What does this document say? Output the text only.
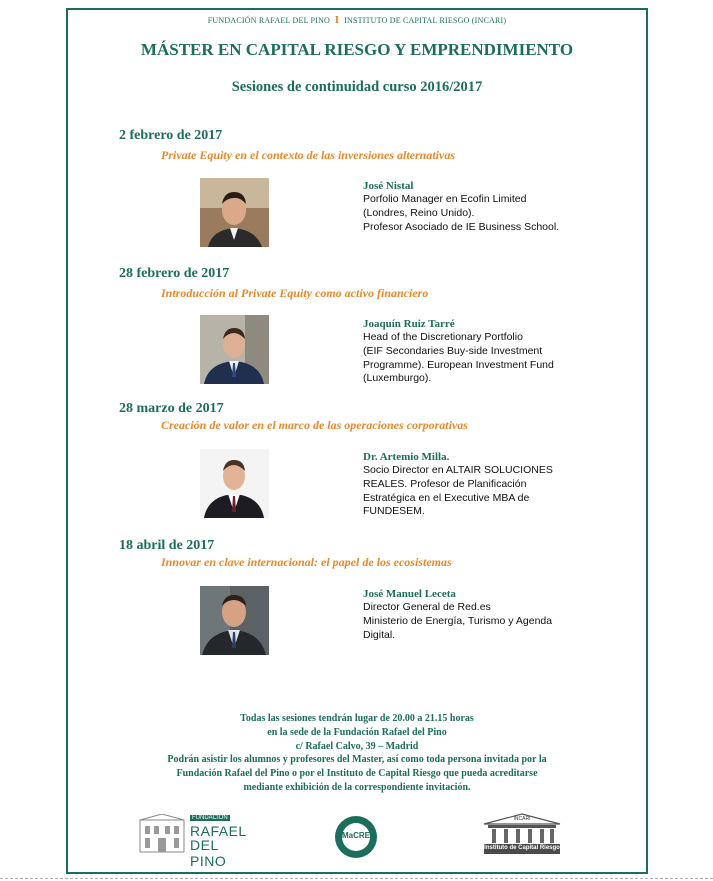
FUNDACIÓN RAFAEL DEL PINO I INSTITUTO DE CAPITAL RIESGO (INCARI)
MÁSTER EN CAPITAL RIESGO Y EMPRENDIMIENTO
Sesiones de continuidad curso 2016/2017
2 febrero de 2017
Private Equity en el contexto de las inversiones alternativas
José Nistal
Porfolio Manager en Ecofin Limited
(Londres, Reino Unido).
Profesor Asociado de IE Business School.
28 febrero de 2017
Introducción al Private Equity como activo financiero
Joaquín Ruiz Tarré
Head of the Discretionary Portfolio
(EIF Secondaries Buy-side Investment
Programme). European Investment Fund
(Luxemburgo).
28 marzo de 2017
Creación de valor en el marco de las operaciones corporativas
Dr. Artemio Milla.
Socio Director en ALTAIR SOLUCIONES
REALES. Profesor de Planificación
Estratégica en el Executive MBA de
FUNDESEM.
18 abril de 2017
Innovar en clave internacional: el papel de los ecosistemas
José Manuel Leceta
Director General de Red.es
Ministerio de Energía, Turismo y Agenda
Digital.
Todas las sesiones tendrán lugar de 20.00 a 21.15 horas
en la sede de la Fundación Rafael del Pino
c/ Rafael Calvo, 39 – Madrid
Podrán asistir los alumnos y profesores del Master, así como toda persona invitada por la
Fundación Rafael del Pino o por el Instituto de Capital Riesgo que pueda acreditarse
mediante exhibición de la correspondiente invitación.
FUNDACIÓN
RAFAEL
DEL PINO
MaCRE
INCARI
Instituto de Capital Riesgo
